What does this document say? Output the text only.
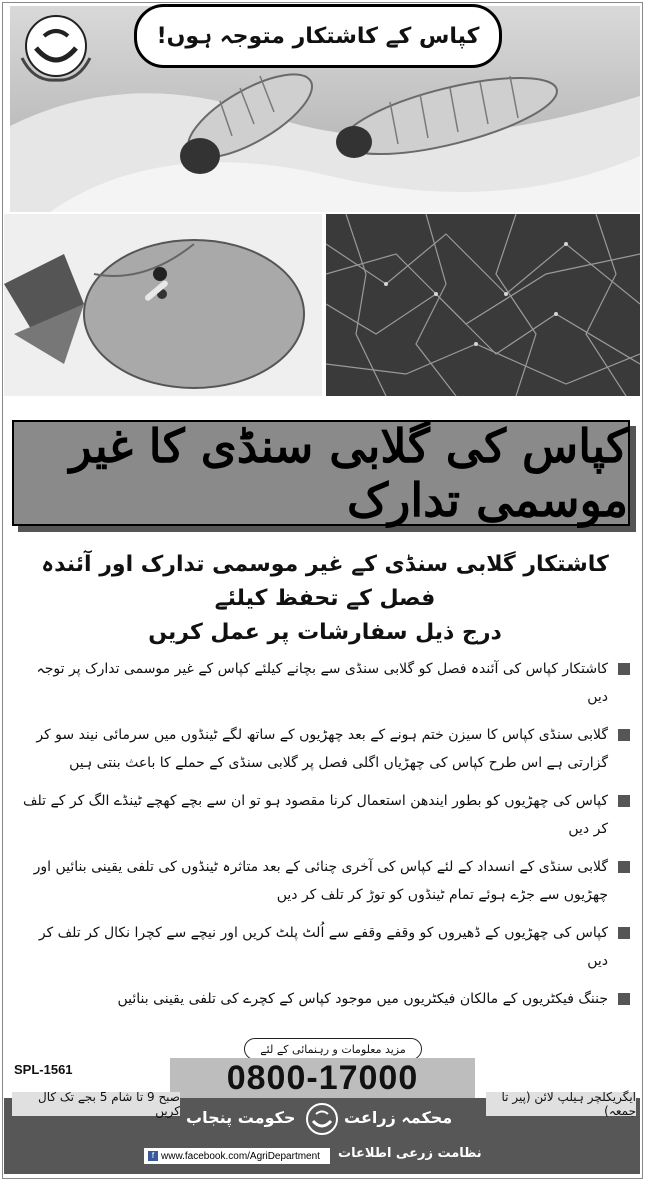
کپاس کے کاشتکار متوجہ ہوں!
کپاس کی گلابی سنڈی کا غیر موسمی تدارک
کاشتکار گلابی سنڈی کے غیر موسمی تدارک اور آئندہ فصل کے تحفظ کیلئے
درج ذیل سفارشات پر عمل کریں
کاشتکار کپاس کی آئندہ فصل کو گلابی سنڈی سے بچانے کیلئے کپاس کے غیر موسمی تدارک پر توجہ دیں
گلابی سنڈی کپاس کا سیزن ختم ہونے کے بعد چھڑیوں کے ساتھ لگے ٹینڈوں میں سرمائی نیند سو کر گزارتی ہے اس طرح کپاس کی چھڑیاں اگلی فصل پر گلابی سنڈی کے حملے کا باعث بنتی ہیں
کپاس کی چھڑیوں کو بطور ایندھن استعمال کرنا مقصود ہو تو ان سے بچے کھچے ٹینڈے الگ کر کے تلف کر دیں
گلابی سنڈی کے انسداد کے لئے کپاس کی آخری چنائی کے بعد متاثرہ ٹینڈوں کی تلفی یقینی بنائیں اور چھڑیوں سے جڑے ہوئے تمام ٹینڈوں کو توڑ کر تلف کر دیں
کپاس کی چھڑیوں کے ڈھیروں کو وقفے وقفے سے اُلٹ پلٹ کریں اور نیچے سے کچرا نکال کر تلف کر دیں
جننگ فیکٹریوں کے مالکان فیکٹریوں میں موجود کپاس کے کچرے کی تلفی یقینی بنائیں
مزید معلومات و رہنمائی کے لئے
SPL-1561	0800-17000
محکمہ زراعت
حکومت پنجاب
نظامت زرعی اطلاعات
f www.facebook.com/AgriDepartment
صبح 9 تا شام 5 بجے تک کال کریں
ایگریکلچر ہیلپ لائن (پیر تا جمعہ)
